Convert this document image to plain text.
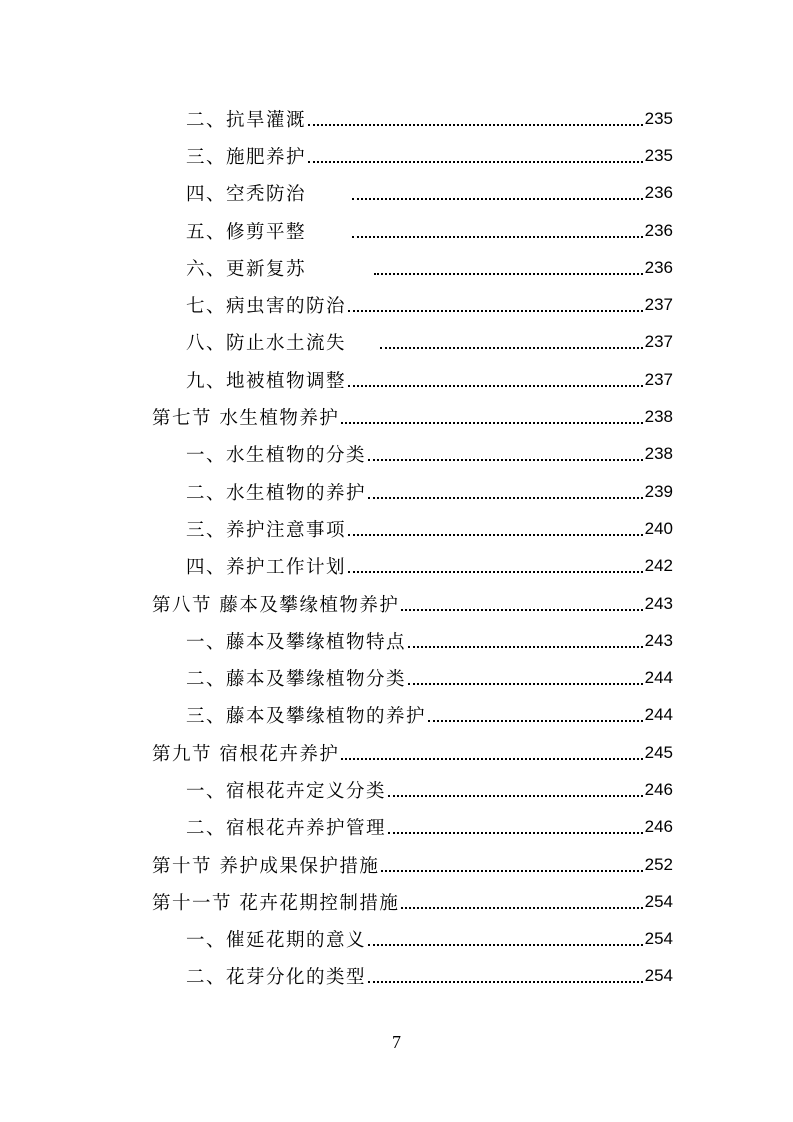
二、抗旱灌溉	235
三、施肥养护	235
四、空秃防治	236
五、修剪平整	236
六、更新复苏	236
七、病虫害的防治	237
八、防止水土流失	237
九、地被植物调整	237
第七节 水生植物养护	238
一、水生植物的分类	238
二、水生植物的养护	239
三、养护注意事项	240
四、养护工作计划	242
第八节 藤本及攀缘植物养护	243
一、藤本及攀缘植物特点	243
二、藤本及攀缘植物分类	244
三、藤本及攀缘植物的养护	244
第九节 宿根花卉养护	245
一、宿根花卉定义分类	246
二、宿根花卉养护管理	246
第十节 养护成果保护措施	252
第十一节 花卉花期控制措施	254
一、催延花期的意义	254
二、花芽分化的类型	254
7
